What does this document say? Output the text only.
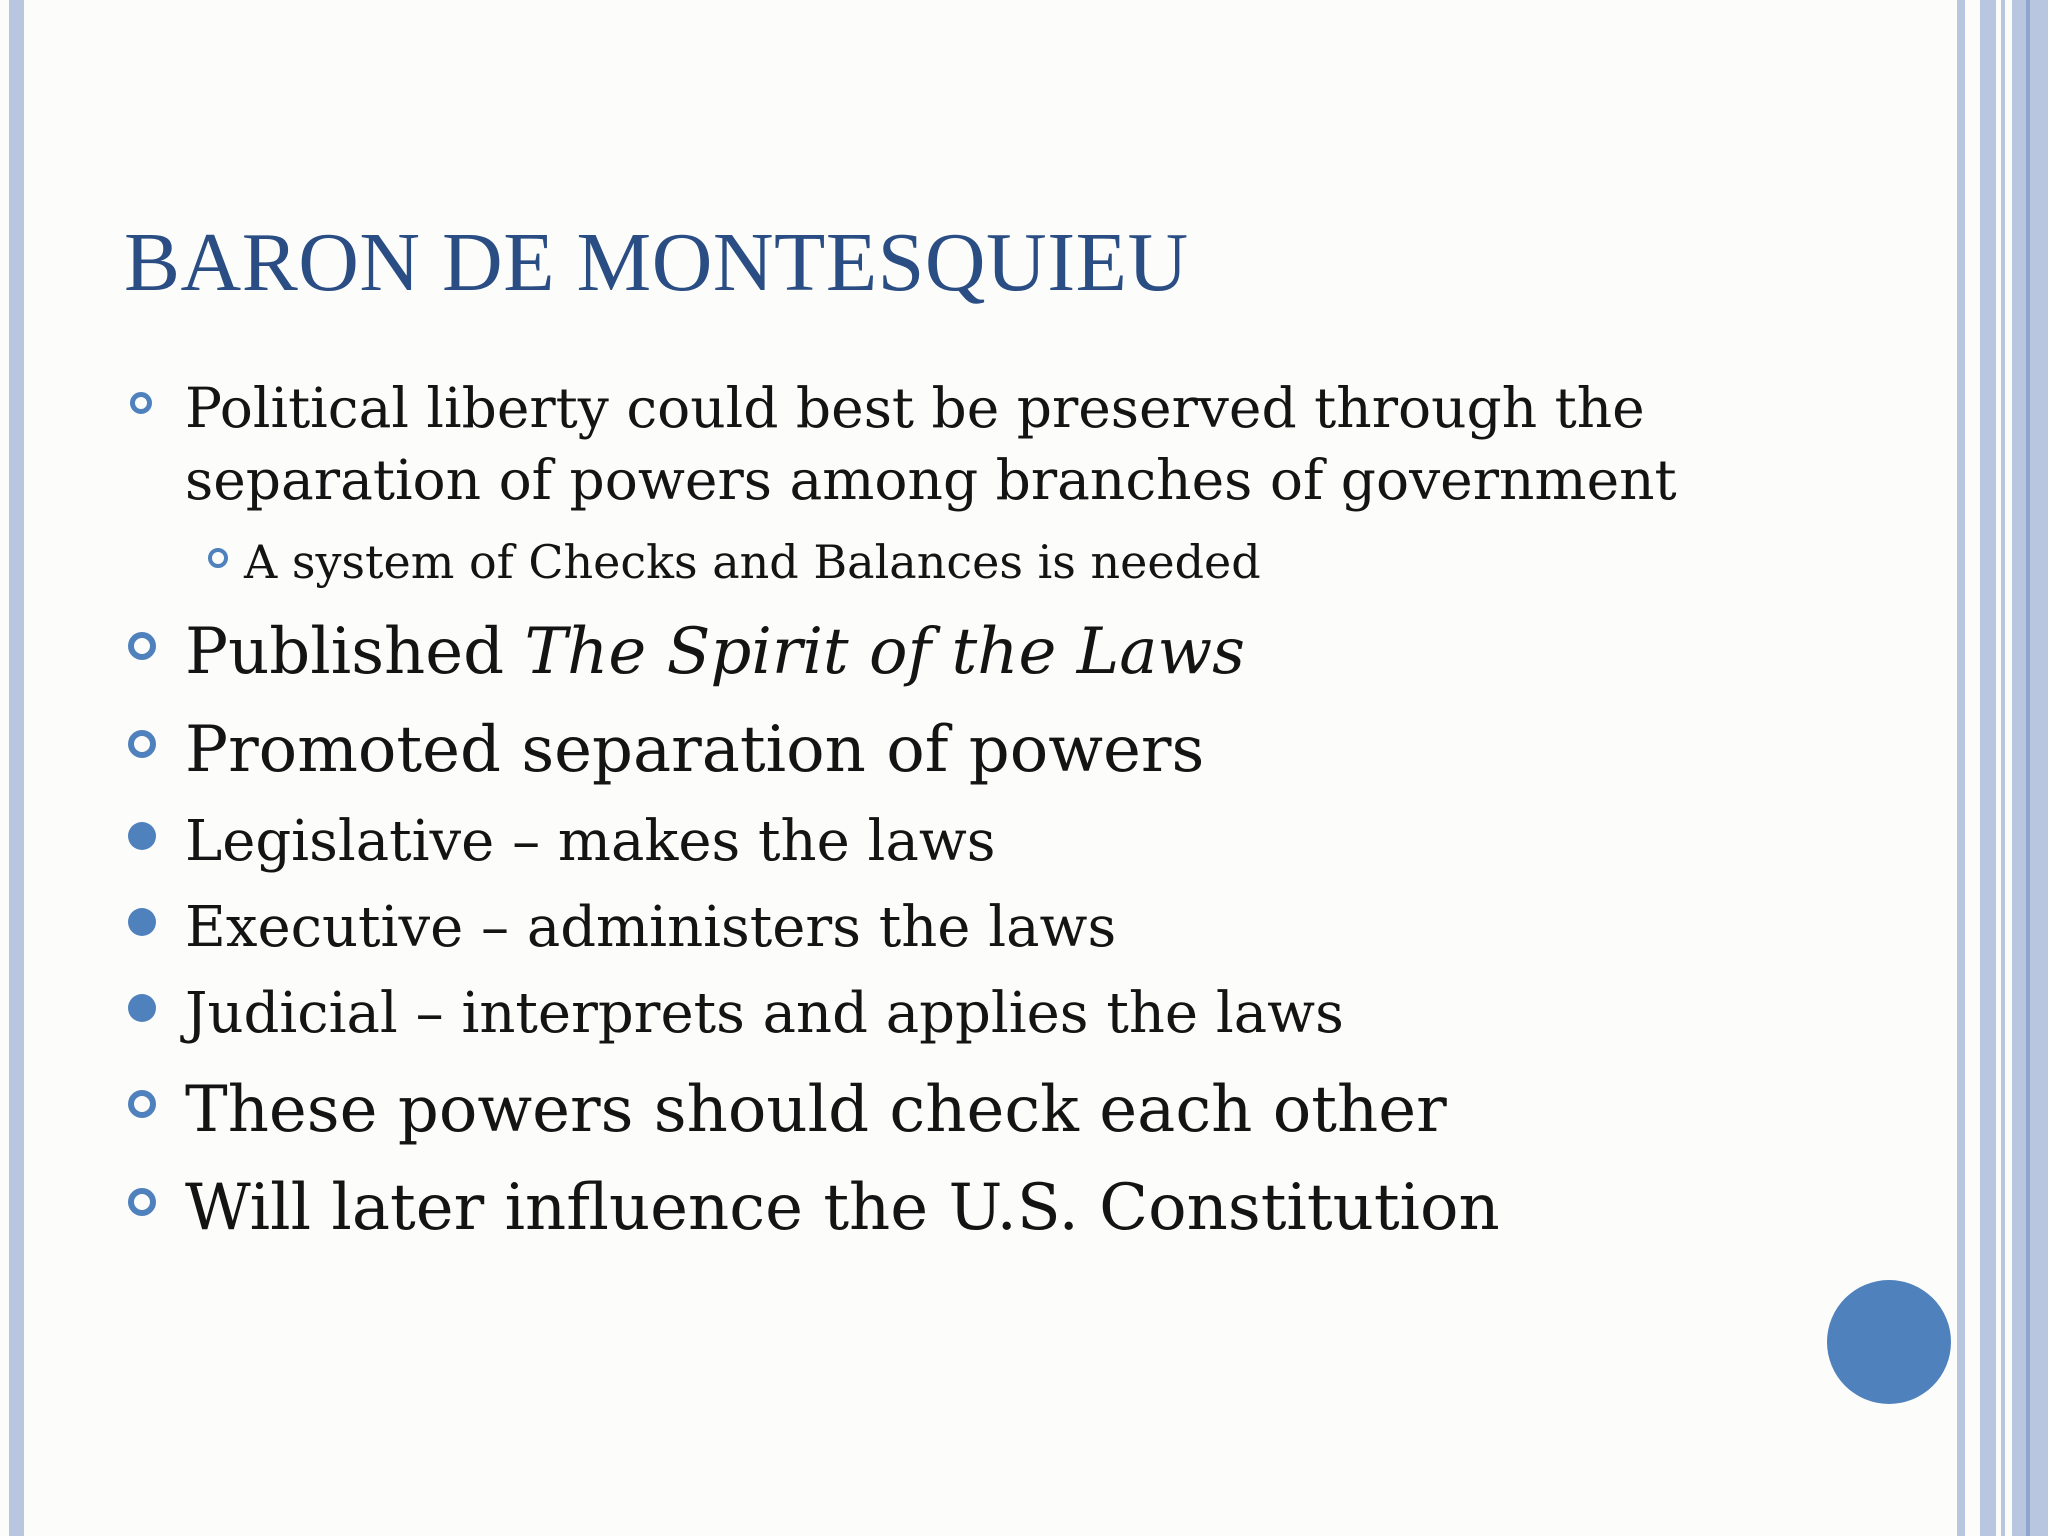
BARON DE MONTESQUIEU
Political liberty could best be preserved through the
separation of powers among branches of government
A system of Checks and Balances is needed
Published The Spirit of the Laws
Promoted separation of powers
Legislative – makes the laws
Executive – administers the laws
Judicial – interprets and applies the laws
These powers should check each other
Will later influence the U.S. Constitution
